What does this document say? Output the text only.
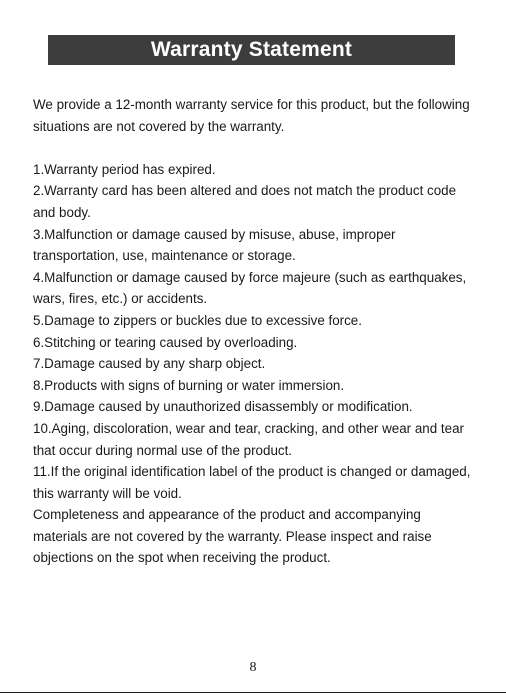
Warranty Statement

We provide a 12-month warranty service for this product, but the following situations are not covered by the warranty.

1.Warranty period has expired.

2.Warranty card has been altered and does not match the product code and body.

3.Malfunction or damage caused by misuse, abuse, improper transportation, use, maintenance or storage.

4.Malfunction or damage caused by force majeure (such as earthquakes, wars, fires, etc.) or accidents.

5.Damage to zippers or buckles due to excessive force.

6.Stitching or tearing caused by overloading.

7.Damage caused by any sharp object.

8.Products with signs of burning or water immersion.

9.Damage caused by unauthorized disassembly or modification.

10.Aging, discoloration, wear and tear, cracking, and other wear and tear that occur during normal use of the product.

11.If the original identification label of the product is changed or damaged, this warranty will be void.

Completeness and appearance of the product and accompanying materials are not covered by the warranty. Please inspect and raise objections on the spot when receiving the product.

8
